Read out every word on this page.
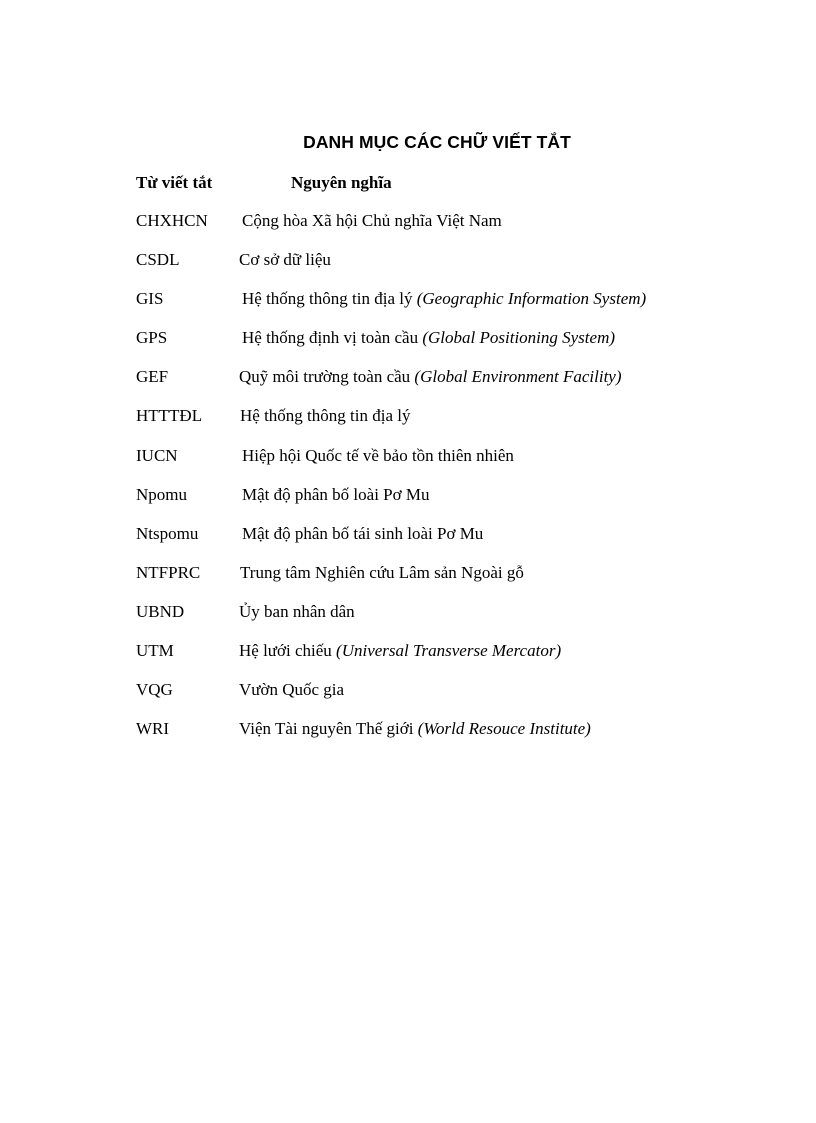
DANH MỤC CÁC CHỮ VIẾT TẮT
Từ viết tắt	Nguyên nghĩa
CHXHCN Cộng hòa Xã hội Chủ nghĩa Việt Nam
CSDL	Cơ sở dữ liệu
GIS	Hệ thống thông tin địa lý (Geographic Information System)
GPS	Hệ thống định vị toàn cầu (Global Positioning System)
GEF	Quỹ môi trường toàn cầu (Global Environment Facility)
HTTTĐL Hệ thống thông tin địa lý
IUCN	Hiệp hội Quốc tế về bảo tồn thiên nhiên
Npomu	Mật độ phân bố loài Pơ Mu
Ntspomu	Mật độ phân bố tái sinh loài Pơ Mu
NTFPRC Trung tâm Nghiên cứu Lâm sản Ngoài gỗ
UBND	Ủy ban nhân dân
UTM	Hệ lưới chiếu (Universal Transverse Mercator)
VQG	Vườn Quốc gia
WRI	Viện Tài nguyên Thế giới (World Resouce Institute)
